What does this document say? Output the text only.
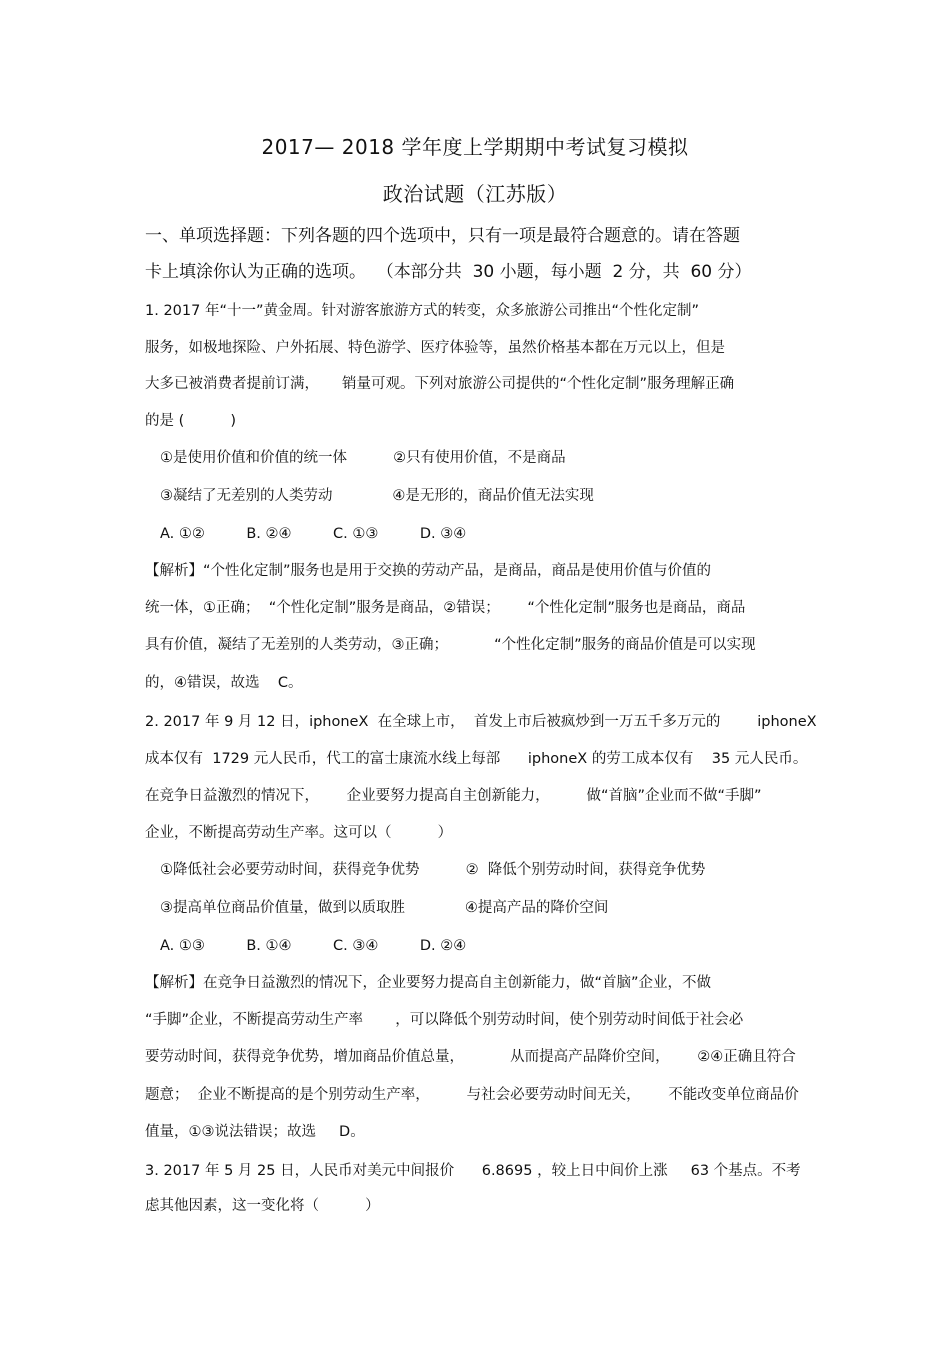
2017— 2018 学年度上学期期中考试复习模拟
政治试题（江苏版）
一、单项选择题：下列各题的四个选项中，只有一项是最符合题意的。请在答题
卡上填涂你认为正确的选项。  （本部分共  30 小题，每小题  2 分，共  60 分）
1. 2017 年“十一”黄金周。针对游客旅游方式的转变，众多旅游公司推出“个性化定制”
服务，如极地探险、户外拓展、特色游学、医疗体验等，虽然价格基本都在万元以上，但是
大多已被消费者提前订满，     销量可观。下列对旅游公司提供的“个性化定制”服务理解正确
的是 (          )
①是使用价值和价值的统一体          ②只有使用价值，不是商品
③凝结了无差别的人类劳动             ④是无形的，商品价值无法实现
A. ①②         B. ②④         C. ①③         D. ③④
【解析】“个性化定制”服务也是用于交换的劳动产品，是商品，商品是使用价值与价值的
统一体，①正确；  “个性化定制”服务是商品，②错误；      “个性化定制”服务也是商品，商品
具有价值，凝结了无差别的人类劳动，③正确；          “个性化定制”服务的商品价值是可以实现
的，④错误，故选    C。
2. 2017 年 9 月 12 日，iphoneX  在全球上市，  首发上市后被疯炒到一万五千多万元的        iphoneX
成本仅有  1729 元人民币，代工的富士康流水线上每部      iphoneX 的劳工成本仅有    35 元人民币。
在竞争日益激烈的情况下，      企业要努力提高自主创新能力，        做“首脑”企业而不做“手脚”
企业，不断提高劳动生产率。这可以（          ）
①降低社会必要劳动时间，获得竞争优势          ②  降低个别劳动时间，获得竞争优势
③提高单位商品价值量，做到以质取胜             ④提高产品的降价空间
A. ①③         B. ①④         C. ③④         D. ②④
【解析】在竞争日益激烈的情况下，企业要努力提高自主创新能力，做“首脑”企业，不做
“手脚”企业，不断提高劳动生产率       ，可以降低个别劳动时间，使个别劳动时间低于社会必
要劳动时间，获得竞争优势，增加商品价值总量，          从而提高产品降价空间，      ②④正确且符合
题意；  企业不断提高的是个别劳动生产率，        与社会必要劳动时间无关，      不能改变单位商品价
值量，①③说法错误；故选     D。
3. 2017 年 5 月 25 日，人民币对美元中间报价      6.8695 ，较上日中间价上涨     63 个基点。不考
虑其他因素，这一变化将（          ）
